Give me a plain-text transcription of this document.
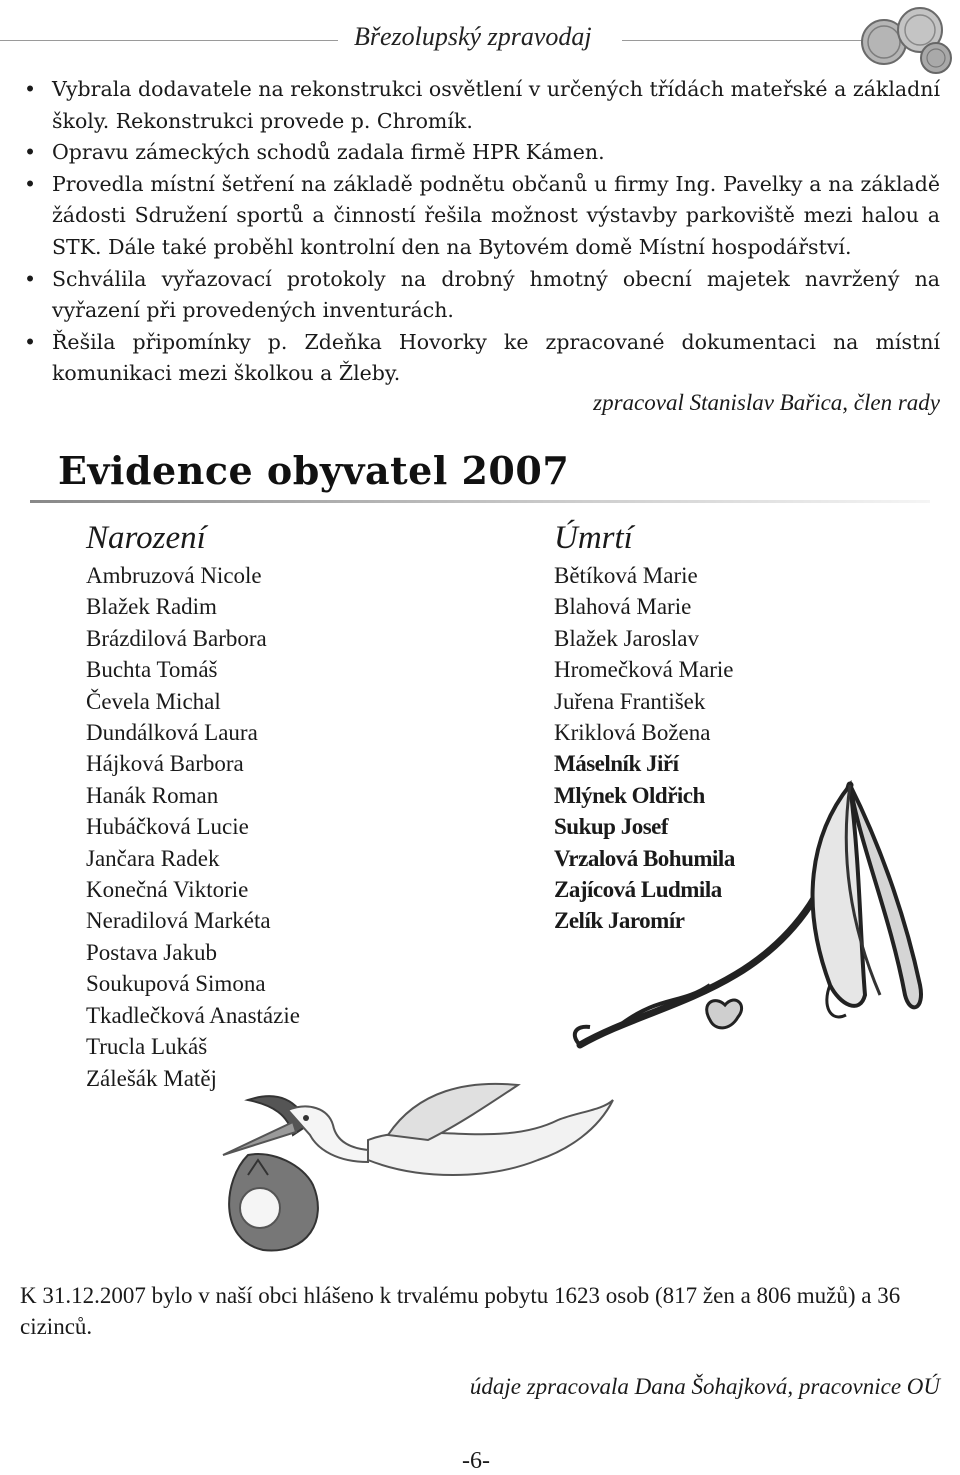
Březolupský zpravodaj
• Vybrala dodavatele na rekonstrukci osvětlení v určených třídách mateřské a základní školy. Rekonstrukci provede p. Chromík.
• Opravu zámeckých schodů zadala firmě HPR Kámen.
• Provedla místní šetření na základě podnětu občanů u firmy Ing. Pavelky a na základě žádosti Sdružení sportů a činností řešila možnost výstavby parkoviště mezi halou a STK. Dále také proběhl kontrolní den na Bytovém domě Místní hospodářství.
• Schválila vyřazovací protokoly na drobný hmotný obecní majetek navržený na vyřazení při provedených inventurách.
• Řešila připomínky p. Zdeňka Hovorky ke zpracované dokumentaci na místní komunikaci mezi školkou a Žleby.
zpracoval Stanislav Bařica, člen rady
Evidence obyvatel 2007
Narození
Ambruzová Nicole
Blažek Radim
Brázdilová Barbora
Buchta Tomáš
Čevela Michal
Dundálková Laura
Hájková Barbora
Hanák Roman
Hubáčková Lucie
Jančara Radek
Konečná Viktorie
Neradilová Markéta
Postava Jakub
Soukupová Simona
Tkadlečková Anastázie
Trucla Lukáš
Zálešák Matěj
Úmrtí
Bětíková Marie
Blahová Marie
Blažek Jaroslav
Hromečková Marie
Juřena František
Kriklová Božena
Máselník Jiří
Mlýnek Oldřich
Sukup Josef
Vrzalová Bohumila
Zajícová Ludmila
Zelík Jaromír
K 31.12.2007 bylo v naší obci hlášeno k trvalému pobytu 1623 osob (817 žen a 806 mužů) a 36 cizinců.
údaje zpracovala Dana Šohajková, pracovnice OÚ
-6-
